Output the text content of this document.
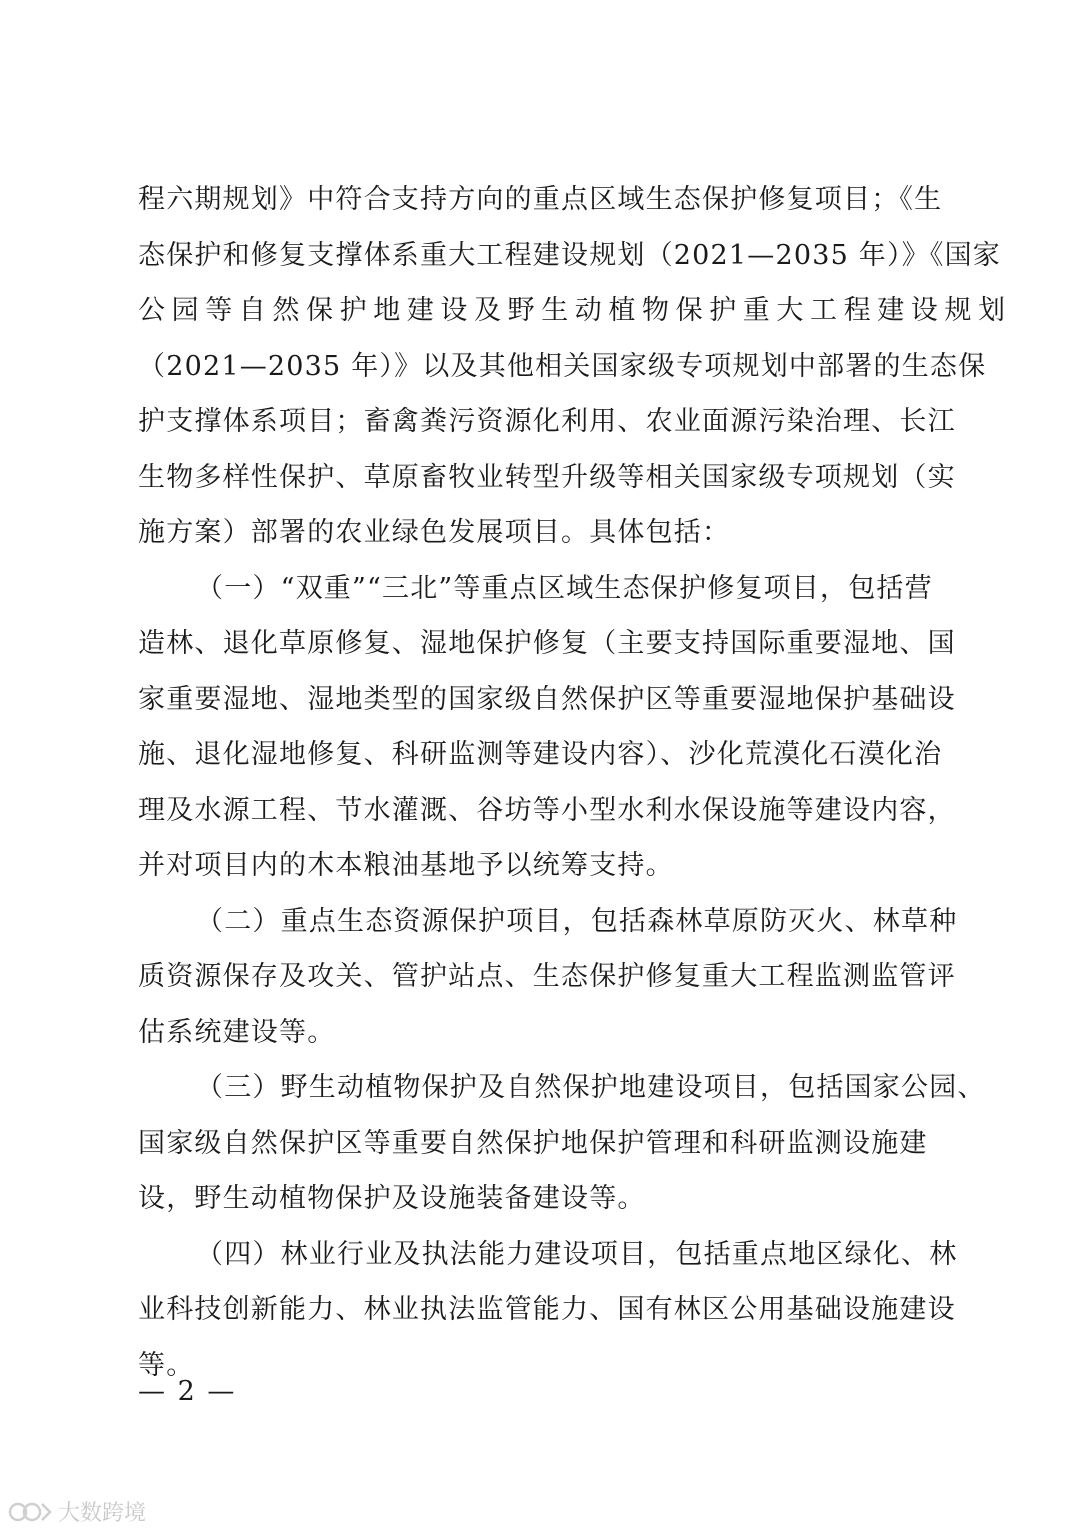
程六期规划》中符合支持方向的重点区域生态保护修复项目；《生
态保护和修复支撑体系重大工程建设规划（2021—2035 年）》《国家
公园等自然保护地建设及野生动植物保护重大工程建设规划
（2021—2035 年）》以及其他相关国家级专项规划中部署的生态保
护支撑体系项目；畜禽粪污资源化利用、农业面源污染治理、长江
生物多样性保护、草原畜牧业转型升级等相关国家级专项规划（实
施方案）部署的农业绿色发展项目。具体包括：

（一）“双重”“三北”等重点区域生态保护修复项目，包括营
造林、退化草原修复、湿地保护修复（主要支持国际重要湿地、国
家重要湿地、湿地类型的国家级自然保护区等重要湿地保护基础设
施、退化湿地修复、科研监测等建设内容）、沙化荒漠化石漠化治
理及水源工程、节水灌溉、谷坊等小型水利水保设施等建设内容，
并对项目内的木本粮油基地予以统筹支持。

（二）重点生态资源保护项目，包括森林草原防灭火、林草种
质资源保存及攻关、管护站点、生态保护修复重大工程监测监管评
估系统建设等。

（三）野生动植物保护及自然保护地建设项目，包括国家公园、
国家级自然保护区等重要自然保护地保护管理和科研监测设施建
设，野生动植物保护及设施装备建设等。

（四）林业行业及执法能力建设项目，包括重点地区绿化、林
业科技创新能力、林业执法监管能力、国有林区公用基础设施建设
等。

— 2 —
大数跨境
